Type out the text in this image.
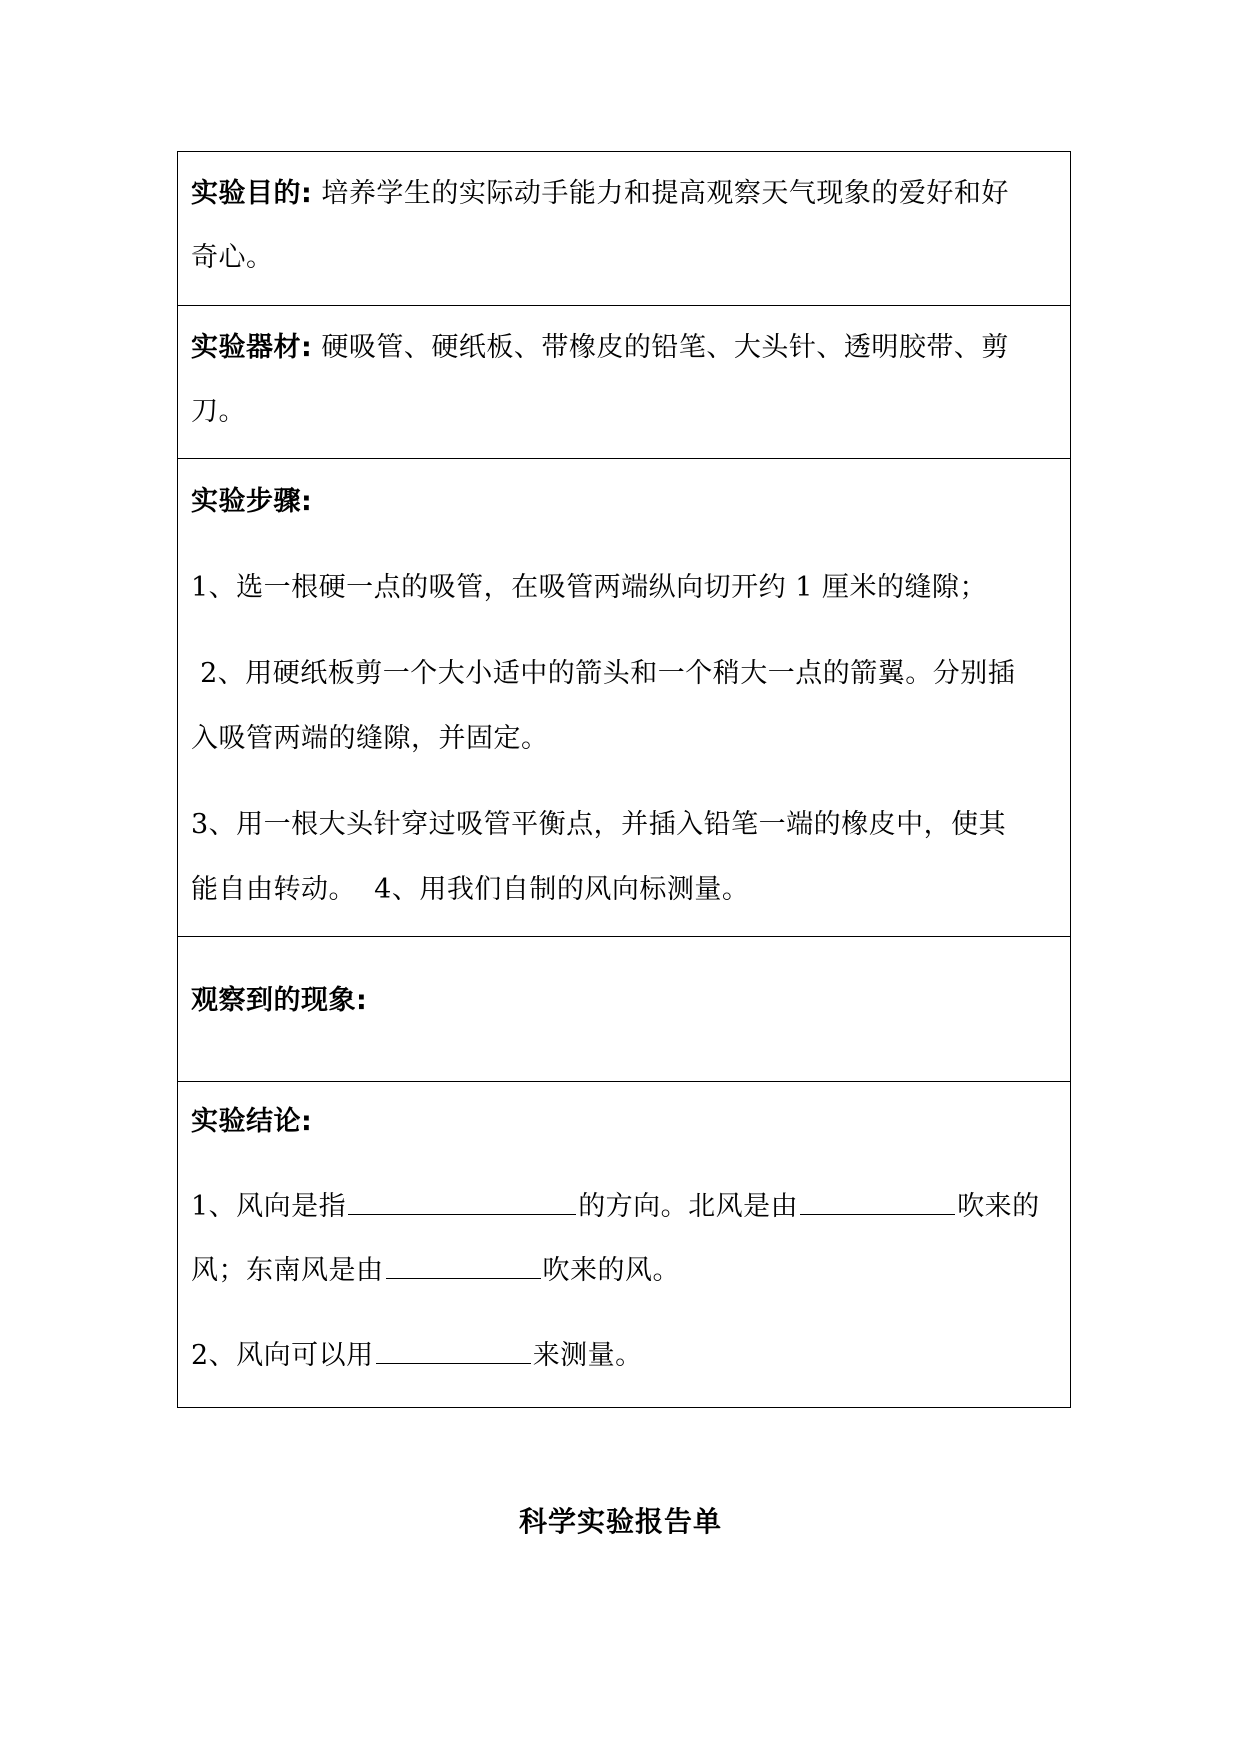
实验目的: 培养学生的实际动手能力和提高观察天气现象的爱好和好
奇心。
实验器材: 硬吸管、硬纸板、带橡皮的铅笔、大头针、透明胶带、剪
刀。
实验步骤:
1、选一根硬一点的吸管，在吸管两端纵向切开约 1 厘米的缝隙；
2、用硬纸板剪一个大小适中的箭头和一个稍大一点的箭翼。分别插
入吸管两端的缝隙，并固定。
3、用一根大头针穿过吸管平衡点，并插入铅笔一端的橡皮中，使其
能自由转动。  4、用我们自制的风向标测量。
观察到的现象:
实验结论:
1、风向是指	的方向。北风是由	吹来的
风；东南风是由	吹来的风。
2、风向可以用	来测量。
科学实验报告单
